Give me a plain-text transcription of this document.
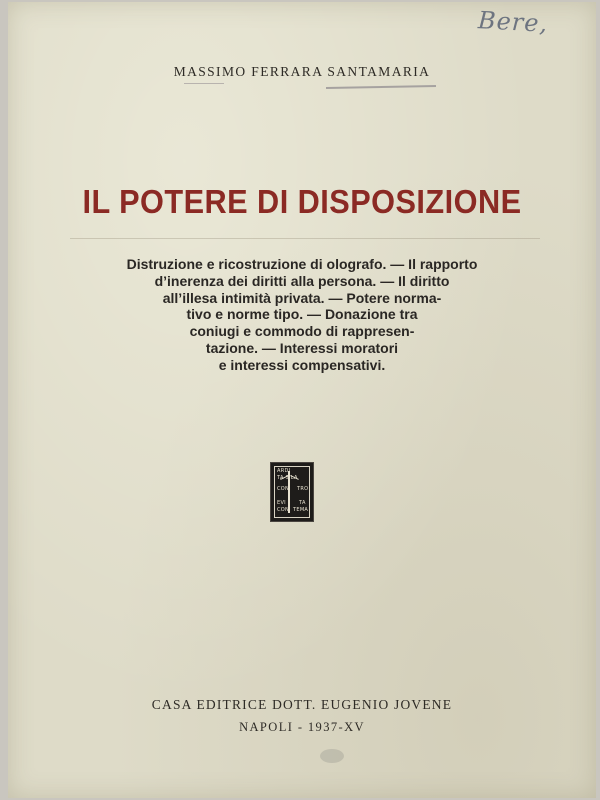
Bere,
MASSIMO FERRARA SANTAMARIA
IL POTERE DI DISPOSIZIONE
Distruzione e ricostruzione di olografo. — Il rapporto
d’inerenza dei diritti alla persona. — Il diritto
all’illesa intimità privata. — Potere norma-
tivo e norme tipo. — Donazione tra
coniugi e commodo di rappresen-
tazione. — Interessi moratori
e interessi compensativi.
ARDI
TA SILA
CON TRO
EVI	TA
CON TEMA
CASA EDITRICE DOTT. EUGENIO JOVENE
NAPOLI - 1937-XV
